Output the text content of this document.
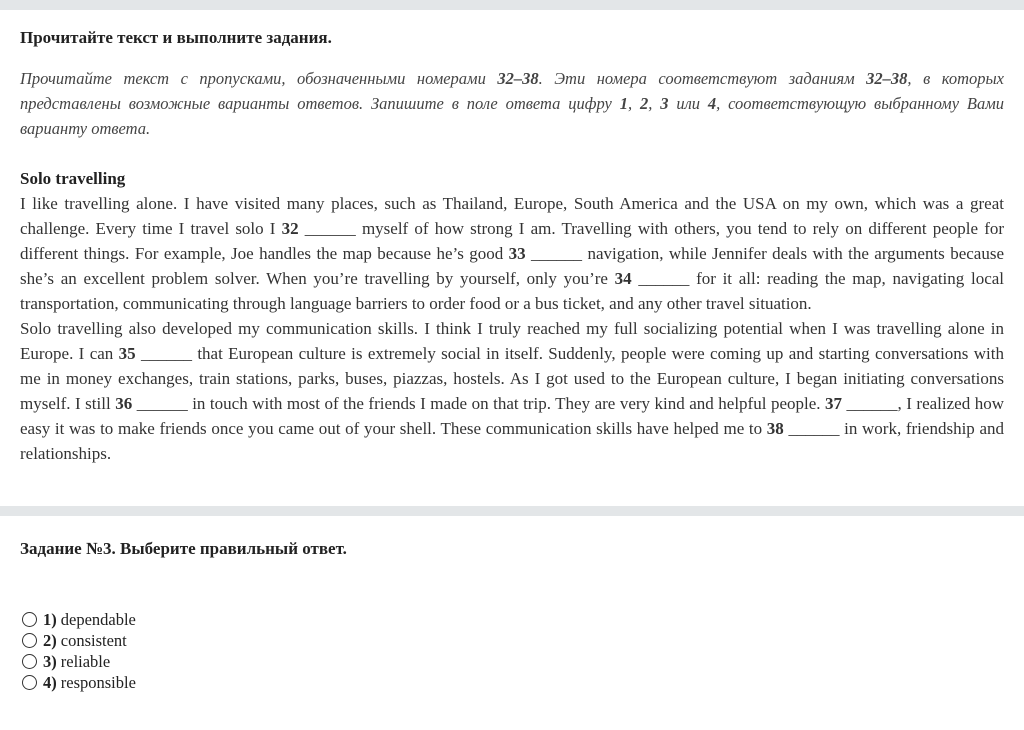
Прочитайте текст и выполните задания.
Прочитайте текст с пропусками, обозначенными номерами 32–38. Эти номера соответствуют заданиям 32–38, в которых представлены возможные варианты ответов. Запишите в поле ответа цифру 1, 2, 3 или 4, соответствующую выбранному Вами варианту ответа.
Solo travelling

I like travelling alone. I have visited many places, such as Thailand, Europe, South America and the USA on my own, which was a great challenge. Every time I travel solo I 32 ______ myself of how strong I am. Travelling with others, you tend to rely on different people for different things. For example, Joe handles the map because he’s good 33 ______ navigation, while Jennifer deals with the arguments because she’s an excellent problem solver. When you’re travelling by yourself, only you’re 34 ______ for it all: reading the map, navigating local transportation, communicating through language barriers to order food or a bus ticket, and any other travel situation.

Solo travelling also developed my communication skills. I think I truly reached my full socializing potential when I was travelling alone in Europe. I can 35 ______ that European culture is extremely social in itself. Suddenly, people were coming up and starting conversations with me in money exchanges, train stations, parks, buses, piazzas, hostels. As I got used to the European culture, I began initiating conversations myself. I still 36 ______ in touch with most of the friends I made on that trip. They are very kind and helpful people. 37 ______, I realized how easy it was to make friends once you came out of your shell. These communication skills have helped me to 38 ______ in work, friendship and relationships.

Задание №3. Выберите правильный ответ.
1) dependable
2) consistent
3) reliable
4) responsible
